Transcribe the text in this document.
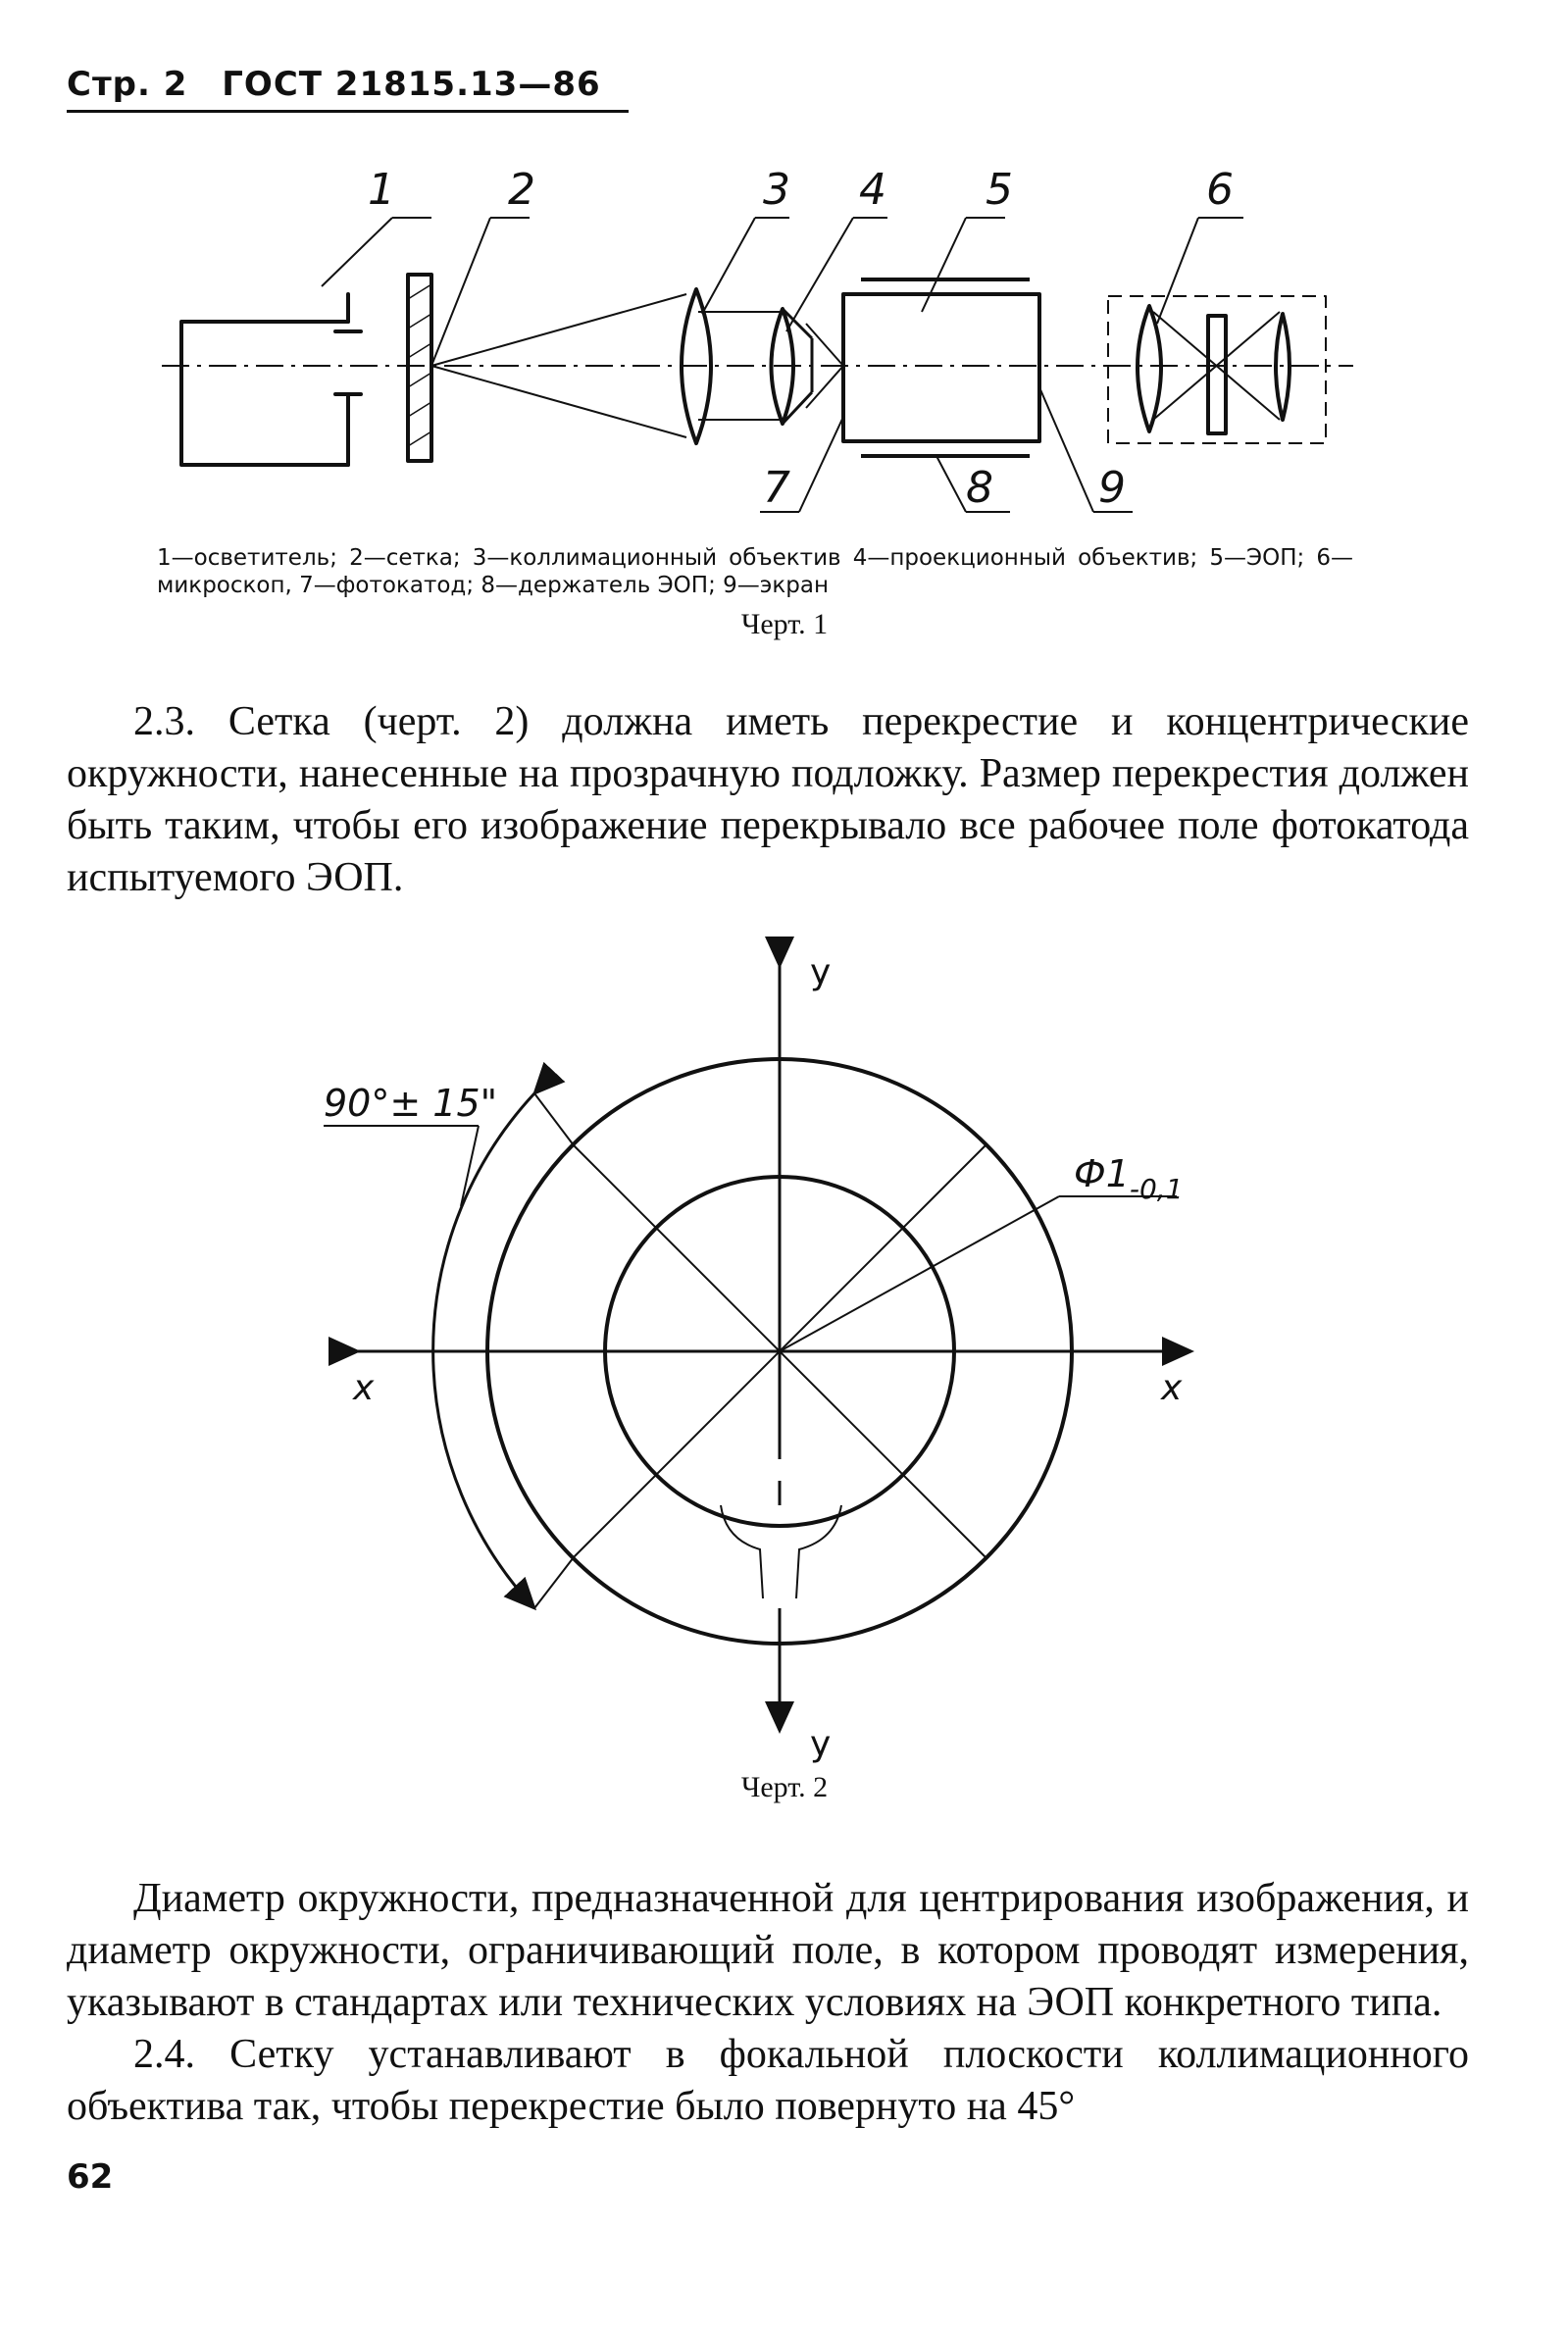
Стр. 2 ГОСТ 21815.13—86
1	2	3 4 5	6
7	8 9
1—осветитель; 2—сетка; 3—коллимационный объектив 4—проекционный объектив; 5—ЭОП; 6—микроскоп, 7—фотокатод; 8—держатель ЭОП; 9—экран
Черт. 1

2.3. Сетка (черт. 2) должна иметь перекрестие и концентрические окружности, нанесенные на прозрачную подложку. Размер перекрестия должен быть таким, чтобы его изображение перекрывало все рабочее поле фотокатода испытуемого ЭОП.

y
y
x	x
90°± 15"
$Ф1_{-0,1}$
Черт. 2

Диаметр окружности, предназначенной для центрирования изображения, и диаметр окружности, ограничивающий поле, в котором проводят измерения, указывают в стандартах или технических условиях на ЭОП конкретного типа.

2.4. Сетку устанавливают в фокальной плоскости коллимационного объектива так, чтобы перекрестие было повернуто на 45°

62
